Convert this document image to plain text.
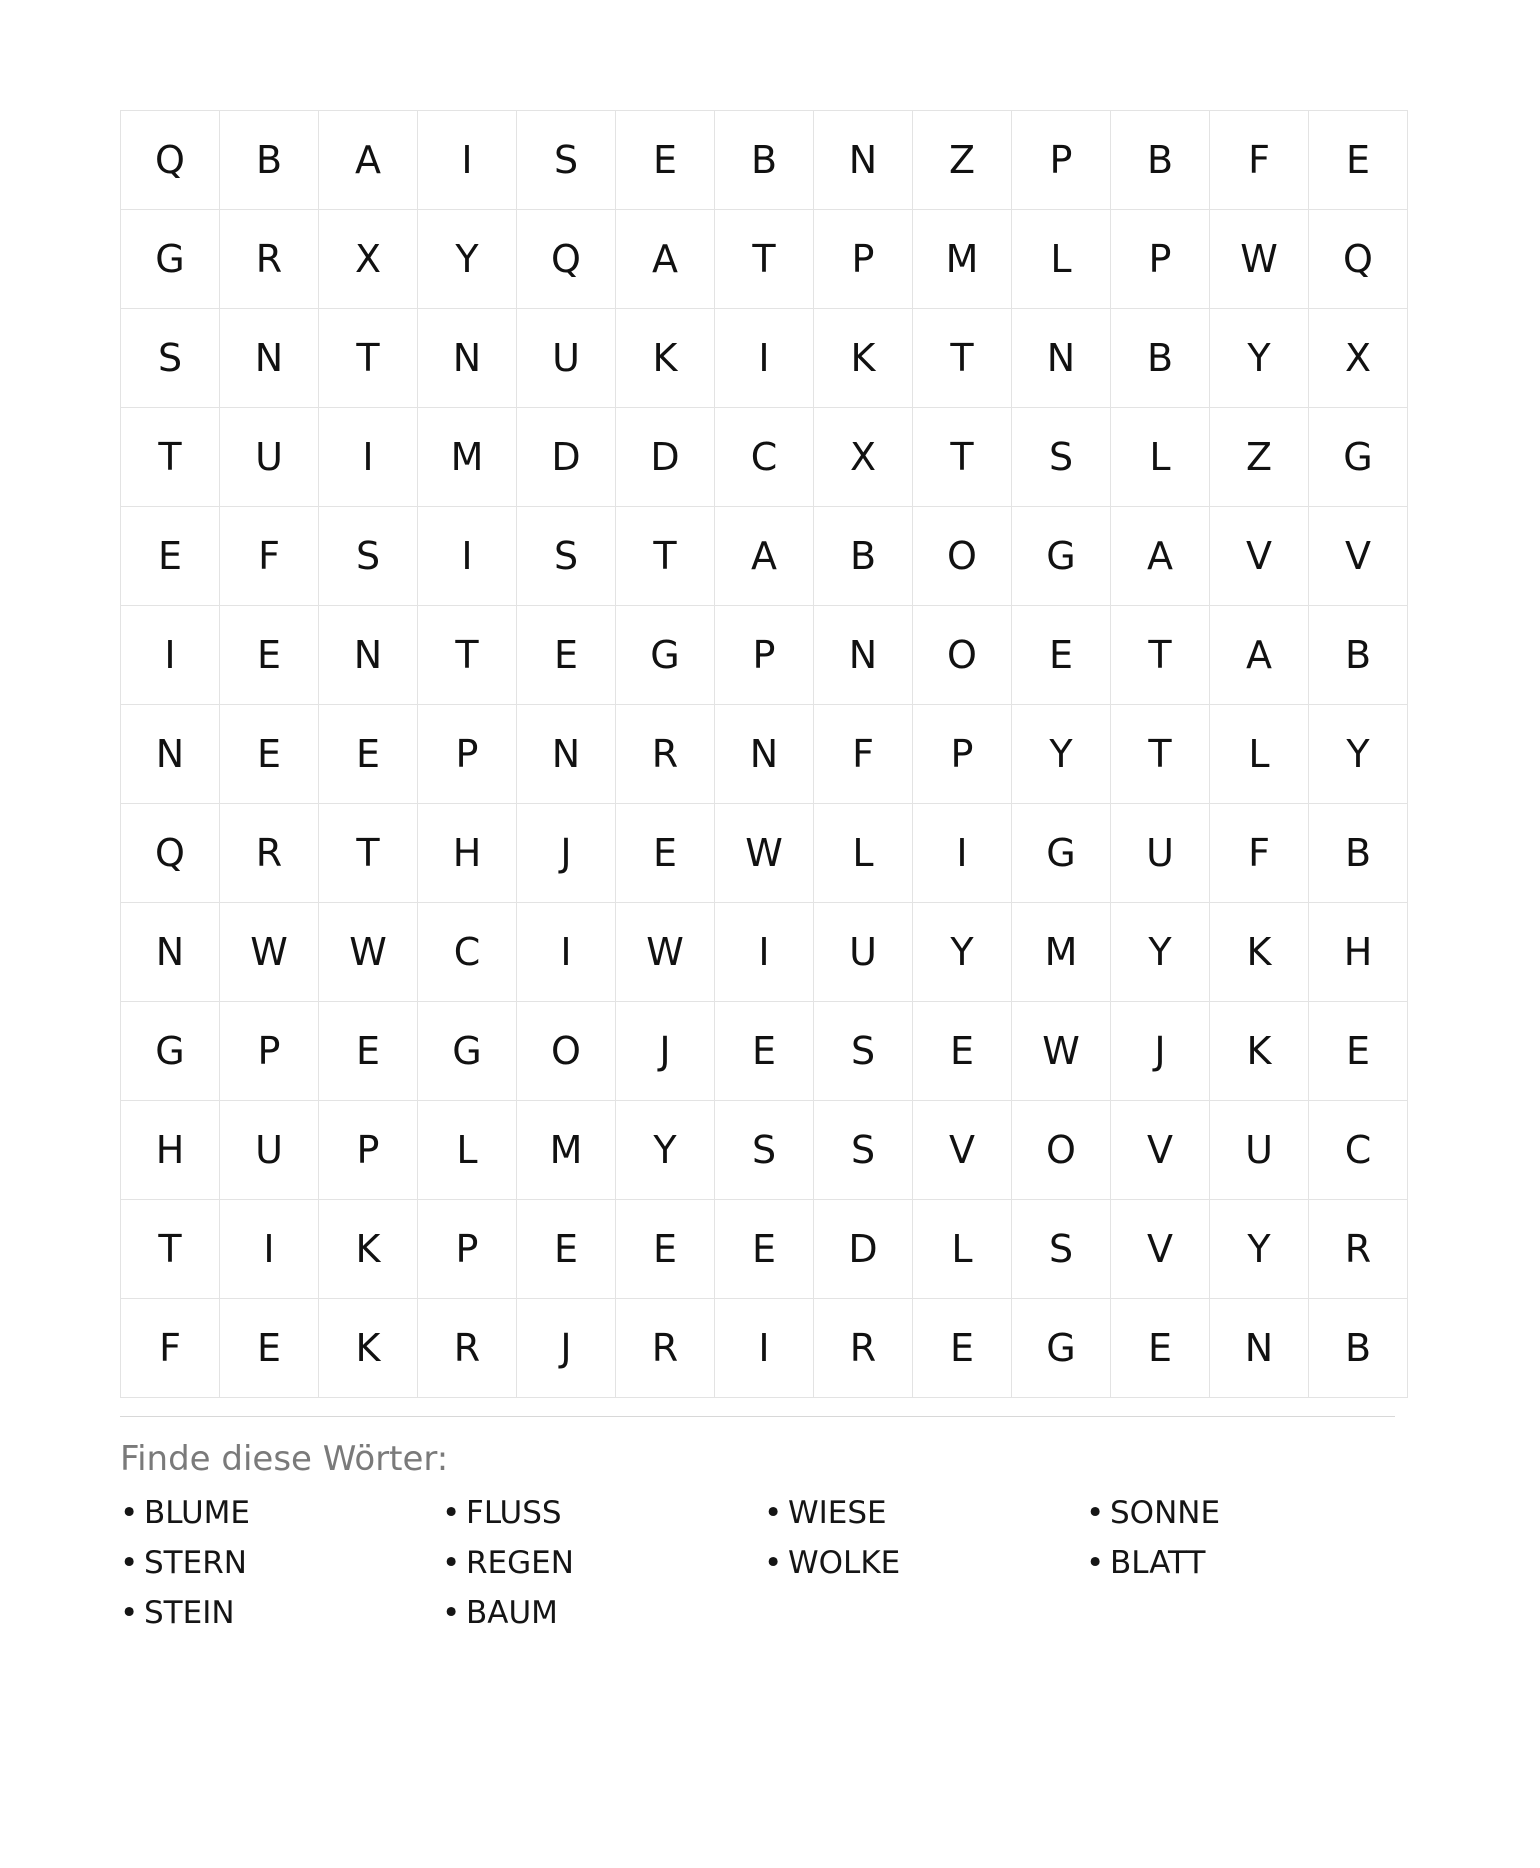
Q	B	A	I	S	E	B	N	Z	P	B	F	E
G	R	X	Y	Q	A	T	P	M	L	P	W	Q
S	N	T	N	U	K	I	K	T	N	B	Y	X
T	U	I	M	D	D	C	X	T	S	L	Z	G
E	F	S	I	S	T	A	B	O	G	A	V	V
I	E	N	T	E	G	P	N	O	E	T	A	B
N	E	E	P	N	R	N	F	P	Y	T	L	Y
Q	R	T	H	J	E	W	L	I	G	U	F	B
N	W	W	C	I	W	I	U	Y	M	Y	K	H
G	P	E	G	O	J	E	S	E	W	J	K	E
H	U	P	L	M	Y	S	S	V	O	V	U	C
T	I	K	P	E	E	E	D	L	S	V	Y	R
F	E	K	R	J	R	I	R	E	G	E	N	B
Finde diese Wörter:
• BLUME	• FLUSS	• WIESE	• SONNE
• STERN	• REGEN	• WOLKE	• BLATT
• STEIN	• BAUM
